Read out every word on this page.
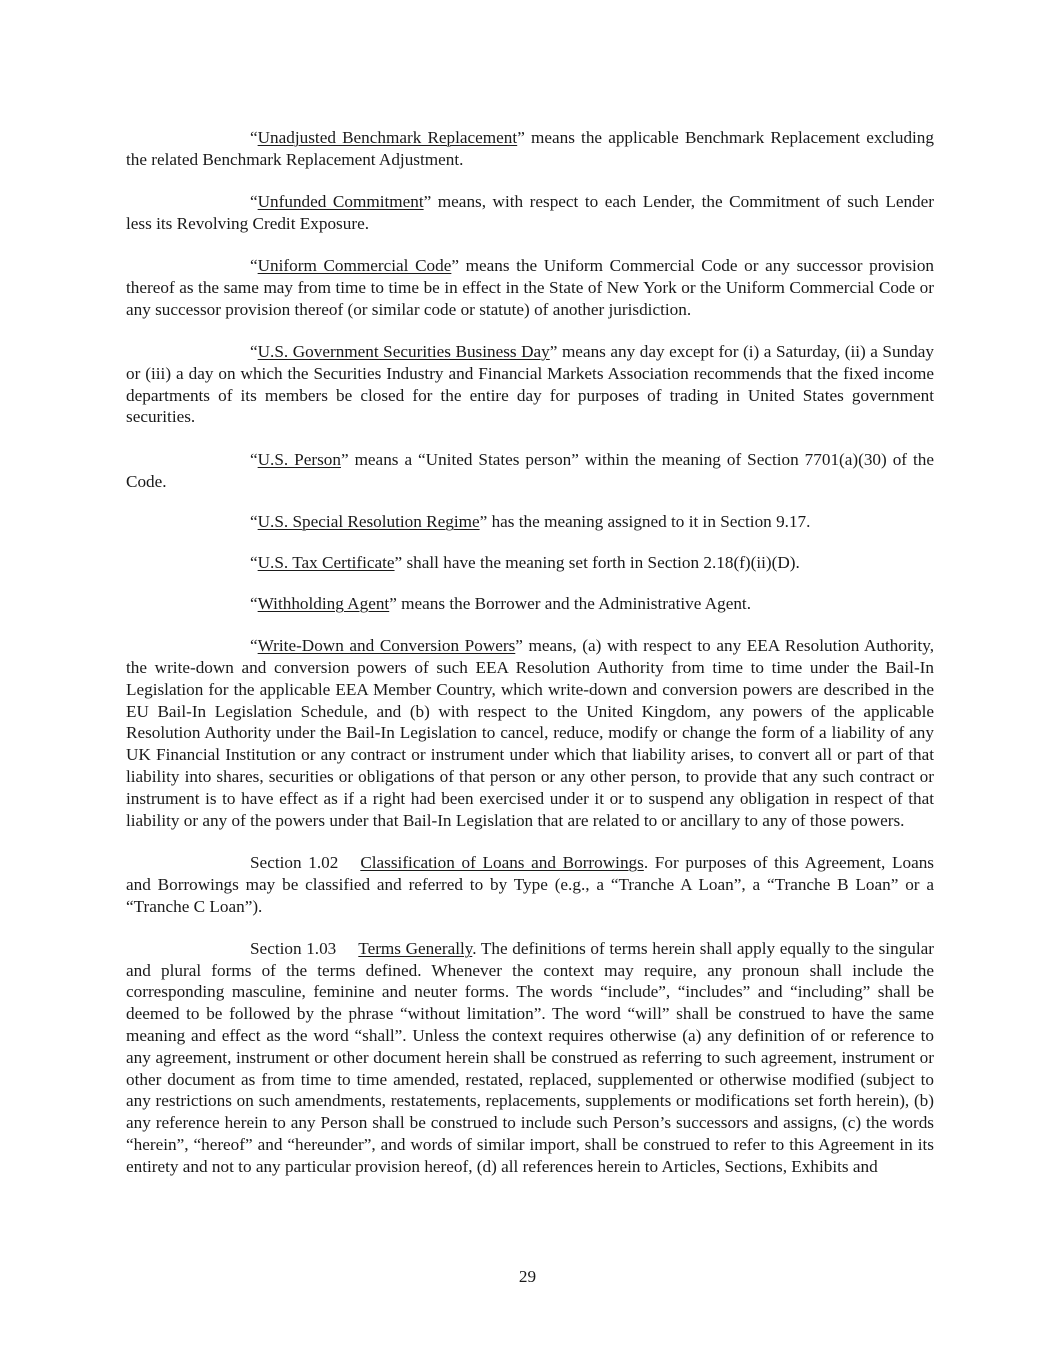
“Unadjusted Benchmark Replacement” means the applicable Benchmark Replacement excluding the related Benchmark Replacement Adjustment.

“Unfunded Commitment” means, with respect to each Lender, the Commitment of such Lender less its Revolving Credit Exposure.

“Uniform Commercial Code” means the Uniform Commercial Code or any successor provision thereof as the same may from time to time be in effect in the State of New York or the Uniform Commercial Code or any successor provision thereof (or similar code or statute) of another jurisdiction.

“U.S. Government Securities Business Day” means any day except for (i) a Saturday, (ii) a Sunday or (iii) a day on which the Securities Industry and Financial Markets Association recommends that the fixed income departments of its members be closed for the entire day for purposes of trading in United States government securities.

“U.S. Person” means a “United States person” within the meaning of Section 7701(a)(30) of the Code.

“U.S. Special Resolution Regime” has the meaning assigned to it in Section 9.17.

“U.S. Tax Certificate” shall have the meaning set forth in Section 2.18(f)(ii)(D).

“Withholding Agent” means the Borrower and the Administrative Agent.

“Write-Down and Conversion Powers” means, (a) with respect to any EEA Resolution Authority, the write-down and conversion powers of such EEA Resolution Authority from time to time under the Bail-In Legislation for the applicable EEA Member Country, which write-down and conversion powers are described in the EU Bail-In Legislation Schedule, and (b) with respect to the United Kingdom, any powers of the applicable Resolution Authority under the Bail-In Legislation to cancel, reduce, modify or change the form of a liability of any UK Financial Institution or any contract or instrument under which that liability arises, to convert all or part of that liability into shares, securities or obligations of that person or any other person, to provide that any such contract or instrument is to have effect as if a right had been exercised under it or to suspend any obligation in respect of that liability or any of the powers under that Bail-In Legislation that are related to or ancillary to any of those powers.

Section 1.02 Classification of Loans and Borrowings. For purposes of this Agreement, Loans and Borrowings may be classified and referred to by Type (e.g., a “Tranche A Loan”, a “Tranche B Loan” or a “Tranche C Loan”).

Section 1.03 Terms Generally. The definitions of terms herein shall apply equally to the singular and plural forms of the terms defined. Whenever the context may require, any pronoun shall include the corresponding masculine, feminine and neuter forms. The words “include”, “includes” and “including” shall be deemed to be followed by the phrase “without limitation”. The word “will” shall be construed to have the same meaning and effect as the word “shall”. Unless the context requires otherwise (a) any definition of or reference to any agreement, instrument or other document herein shall be construed as referring to such agreement, instrument or other document as from time to time amended, restated, replaced, supplemented or otherwise modified (subject to any restrictions on such amendments, restatements, replacements, supplements or modifications set forth herein), (b) any reference herein to any Person shall be construed to include such Person’s successors and assigns, (c) the words “herein”, “hereof” and “hereunder”, and words of similar import, shall be construed to refer to this Agreement in its entirety and not to any particular provision hereof, (d) all references herein to Articles, Sections, Exhibits and

29
